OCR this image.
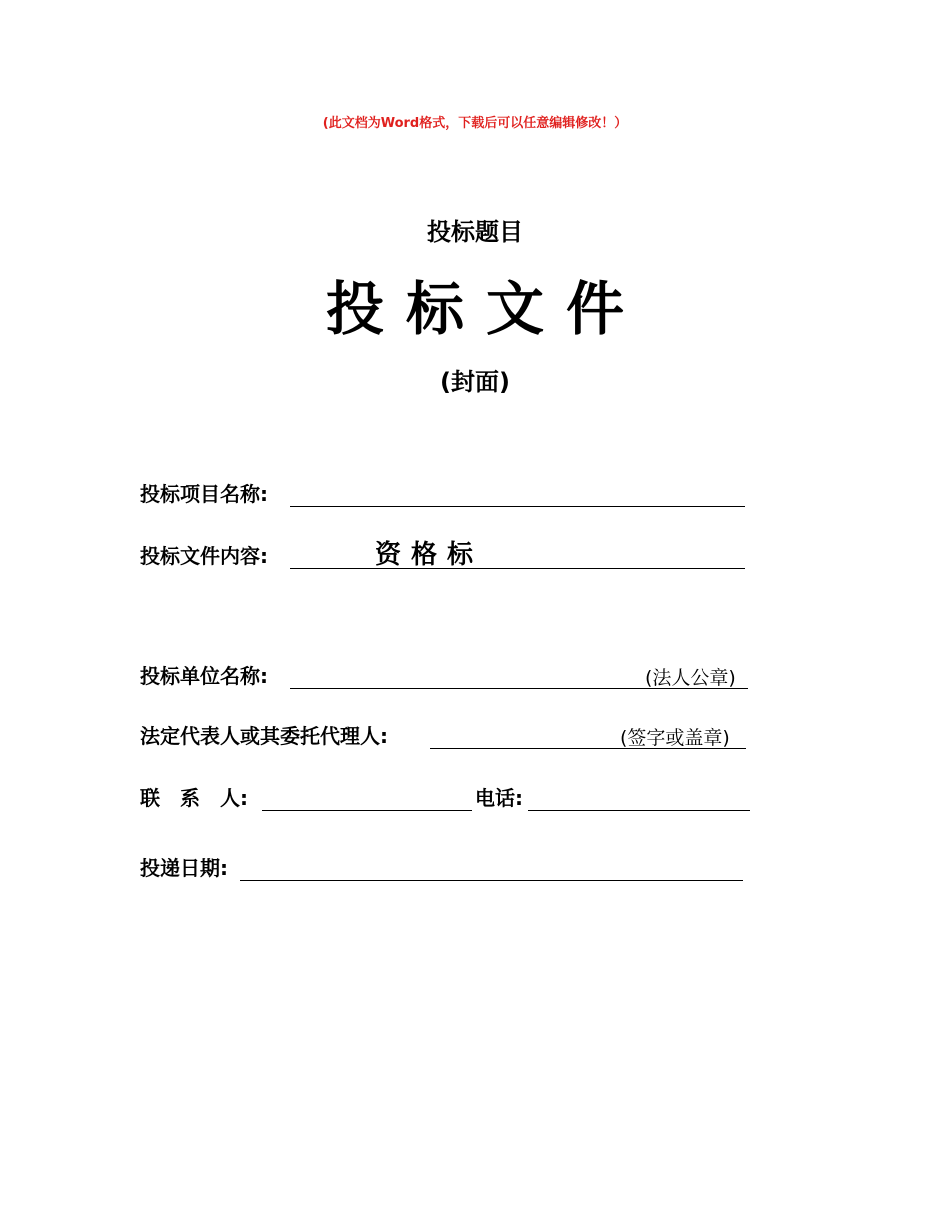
(此文档为Word格式，下载后可以任意编辑修改！）
投标题目
投标文件
(封面)
投标项目名称:
投标文件内容:	资格标
投标单位名称:	(法人公章)
法定代表人或其委托代理人:	(签字或盖章)
联　系　人:	电话:
投递日期:
